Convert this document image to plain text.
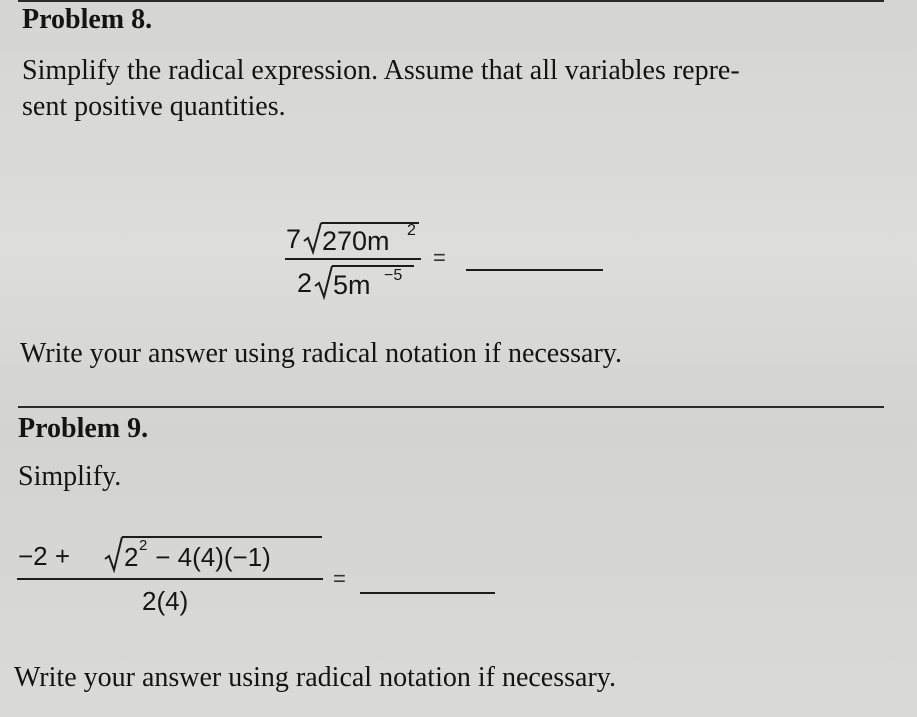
Problem 8.
Simplify the radical expression. Assume that all variables repre-
sent positive quantities.
7 270m 2
2 5m −5
=
Write your answer using radical notation if necessary.
Problem 9.
Simplify.
−2 + 2 2 − 4(4)(−1)
2(4)
=
Write your answer using radical notation if necessary.
